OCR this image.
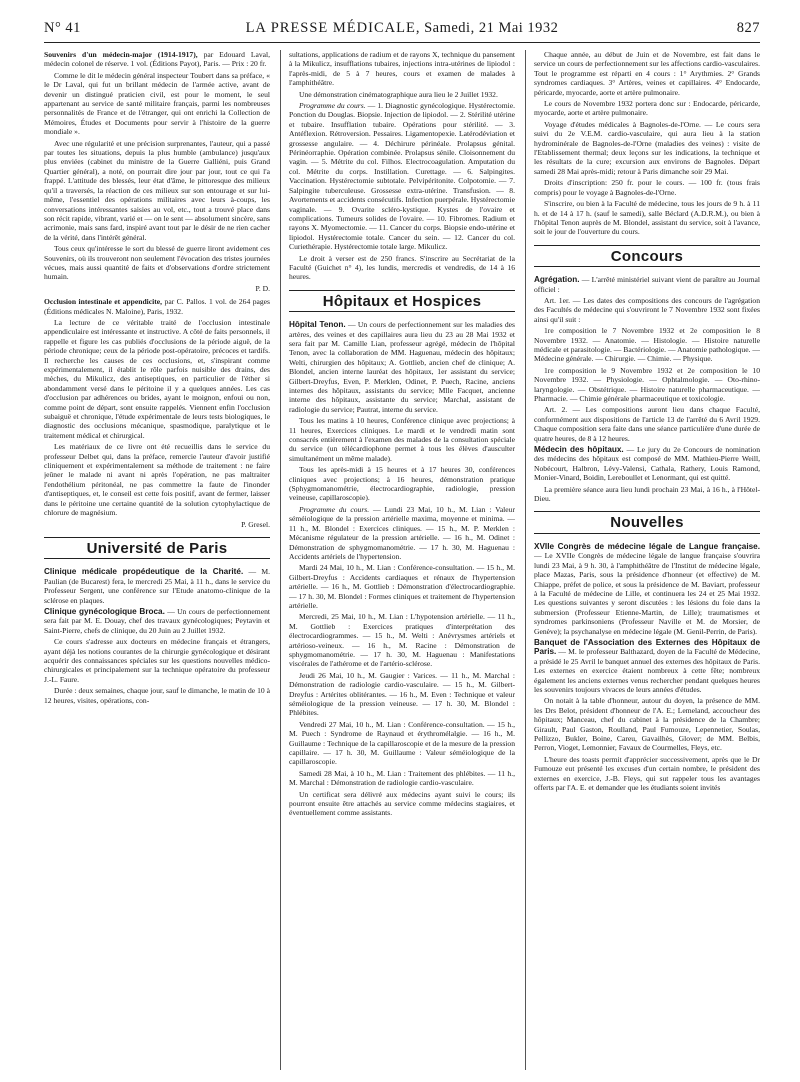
N° 41	LA PRESSE MÉDICALE, Samedi, 21 Mai 1932	827

Souvenirs d'un médecin-major (1914-1917), par Edouard Laval, médecin colonel de réserve. 1 vol. (Éditions Payot), Paris. — Prix : 20 fr.

Comme le dit le médecin général inspecteur Toubert dans sa préface, « le Dr Laval, qui fut un brillant médecin de l'armée active, avant de devenir un distingué praticien civil, est pour le moment, le seul appartenant au service de santé militaire français, parmi les nombreuses personnalités de France et de l'étranger, qui ont enrichi la Collection de Mémoires, Études et Documents pour servir à l'histoire de la guerre mondiale ».

Avec une régularité et une précision surprenantes, l'auteur, qui a passé par toutes les situations, depuis la plus humble (ambulance) jusqu'aux plus enviées (cabinet du ministre de la Guerre Galliéni, puis Grand Quartier général), a noté, on pourrait dire jour par jour, tout ce qui l'a frappé. L'attitude des blessés, leur état d'âme, le pittoresque des milieux qu'il a traversés, la réaction de ces milieux sur son entourage et sur lui-même, l'essentiel des opérations militaires avec leurs à-coups, les conversations intéressantes saisies au vol, etc., tout a trouvé place dans son récit rapide, vibrant, varié et — on le sent — absolument sincère, sans acrimonie, mais sans fard, inspiré avant tout par le désir de ne rien cacher de la vérité, dans l'intérêt général.

Tous ceux qu'intéresse le sort du blessé de guerre liront avidement ces Souvenirs, où ils trouveront non seulement l'évocation des tristes journées vécues, mais aussi quantité de faits et d'observations d'ordre strictement humain.

P. D.

Occlusion intestinale et appendicite, par C. Pallos. 1 vol. de 264 pages (Éditions médicales N. Maloine), Paris, 1932.

La lecture de ce véritable traité de l'occlusion intestinale appendiculaire est intéressante et instructive. A côté de faits personnels, il rappelle et figure les cas publiés d'occlusions de la période aiguë, de la période chronique; ceux de la période post-opératoire, précoces et tardifs. Il recherche les causes de ces occlusions, et, s'inspirant comme expérimentalement, il établit le rôle parfois nuisible des drains, des mèches, du Mikulicz, des antiseptiques, en particulier de l'éther si abondamment versé dans le péritoine il y a quelques années. Les cas d'occlusion par adhérences ou brides, ayant le moignon, enfoui ou non, comme point de départ, sont ensuite rappelés. Viennent enfin l'occlusion subaiguë et chronique, l'étude expérimentale de leurs tests biologiques, le diagnostic des occlusions mécanique, spasmodique, paralytique et le traitement médical et chirurgical.

Les matériaux de ce livre ont été recueillis dans le service du professeur Delbet qui, dans la préface, remercie l'auteur d'avoir justifié cliniquement et expérimentalement sa méthode de traitement : ne faire jeûner le malade ni avant ni après l'opération, ne pas maltraiter l'endothélium péritonéal, ne pas commettre la faute de l'inonder d'antiseptiques, et, le conseil est cette fois positif, avant de fermer, laisser dans le péritoine une certaine quantité de la solution cytophylactique de chlorure de magnésium.

P. Gresel.

Université de Paris

Clinique médicale propédeutique de la Charité. — M. Paulian (de Bucarest) fera, le mercredi 25 Mai, à 11 h., dans le service du Professeur Sergent, une conférence sur l'Etude anatomo-clinique de la sclérose en plaques.

Clinique gynécologique Broca. — Un cours de perfectionnement sera fait par M. E. Douay, chef des travaux gynécologiques; Peytavin et Saint-Pierre, chefs de clinique, du 20 Juin au 2 Juillet 1932.

Ce cours s'adresse aux docteurs en médecine français et étrangers, ayant déjà les notions courantes de la chirurgie gynécologique et désirant acquérir des connaissances spéciales sur les questions nouvelles médico-chirurgicales et principalement sur la technique opératoire du professeur J.-L. Faure.

Durée : deux semaines, chaque jour, sauf le dimanche, le matin de 10 à 12 heures, visites, opérations, con-

sultations, applications de radium et de rayons X, technique du pansement à la Mikulicz, insufflations tubaires, injections intra-utérines de lipiodol : l'après-midi, de 5 à 7 heures, cours et examen de malades à l'amphithéâtre.

Une démonstration cinématographique aura lieu le 2 Juillet 1932.

Programme du cours. — 1. Diagnostic gynécologique. Hystérectomie. Ponction du Douglas. Biopsie. Injection de lipiodol. — 2. Stérilité utérine et tubaire. Insufflation tubaire. Opérations pour stérilité. — 3. Antéflexion. Rétroversion. Pessaires. Ligamentopexie. Latérodéviation et grossesse angulaire. — 4. Déchirure périnéale. Prolapsus génital. Périnéorraphie. Opération combinée. Prolapsus sénile. Cloisonnement du vagin. — 5. Métrite du col. Filhos. Electrocoagulation. Amputation du col. Métrite du corps. Instillation. Curettage. — 6. Salpingites. Vaccination. Hystérectomie subtotale. Pelvipéritonite. Colpotomie. — 7. Salpingite tuberculeuse. Grossesse extra-utérine. Transfusion. — 8. Avortements et accidents consécutifs. Infection puerpérale. Hystérectomie vaginale. — 9. Ovarite scléro-kystique. Kystes de l'ovaire et complications. Tumeurs solides de l'ovaire. — 10. Fibromes. Radium et rayons X. Myomectomie. — 11. Cancer du corps. Biopsie endo-utérine et lipiodol. Hystérectomie totale. Cancer du sein. — 12. Cancer du col. Curiethérapie. Hystérectomie totale large. Mikulicz.

Le droit à verser est de 250 francs. S'inscrire au Secrétariat de la Faculté (Guichet n° 4), les lundis, mercredis et vendredis, de 14 à 16 heures.

Hôpitaux et Hospices

Hôpital Tenon. — Un cours de perfectionnement sur les maladies des artères, des veines et des capillaires aura lieu du 23 au 28 Mai 1932 et sera fait par M. Camille Lian, professeur agrégé, médecin de l'hôpital Tenon, avec la collaboration de MM. Haguenau, médecin des hôpitaux; Welti, chirurgien des hôpitaux; A. Gottlieb, ancien chef de clinique; A. Blondel, ancien interne lauréat des hôpitaux, 1er assistant du service; Gilbert-Dreyfus, Even, P. Merklen, Odinet, P. Puech, Racine, anciens internes des hôpitaux, assistants du service; Mlle Facquet, ancienne interne des hôpitaux, assistante du service; Marchal, assistant de radiologie du service; Pautrat, interne du service.

Tous les matins à 10 heures, Conférence clinique avec projections; à 11 heures, Exercices cliniques. Le mardi et le vendredi matin sont consacrés entièrement à l'examen des malades de la consultation spéciale du service (un télécardiophone permet à tous les élèves d'ausculter simultanément un même malade).

Tous les après-midi à 15 heures et à 17 heures 30, conférences cliniques avec projections; à 16 heures, démonstration pratique (Sphygmomanométrie, électrocardiographie, radiologie, pression veineuse, capillaroscopie).

Programme du cours. — Lundi 23 Mai, 10 h., M. Lian : Valeur séméiologique de la pression artérielle maxima, moyenne et minima. — 11 h., M. Blondel : Exercices cliniques. — 15 h., M. P. Merklen : Mécanisme régulateur de la pression artérielle. — 16 h., M. Odinet : Démonstration de sphygmomanométrie. — 17 h. 30, M. Haguenau : Accidents artériels de l'hypertension.

Mardi 24 Mai, 10 h., M. Lian : Conférence-consultation. — 15 h., M. Gilbert-Dreyfus : Accidents cardiaques et rénaux de l'hypertension artérielle. — 16 h., M. Gottlieb : Démonstration d'électrocardiographie. — 17 h. 30, M. Blondel : Formes cliniques et traitement de l'hypertension artérielle.

Mercredi, 25 Mai, 10 h., M. Lian : L'hypotension artérielle. — 11 h., M. Gottlieb : Exercices pratiques d'interprétation des électrocardiogrammes. — 15 h., M. Welti : Anévrysmes artériels et artérioso-veineux. — 16 h., M. Racine : Démonstration de sphygmomanométrie. — 17 h. 30, M. Haguenau : Manifestations viscérales de l'athérome et de l'artério-sclérose.

Jeudi 26 Mai, 10 h., M. Gaugier : Varices. — 11 h., M. Marchal : Démonstration de radiologie cardio-vasculaire. — 15 h., M. Gilbert-Dreyfus : Artérites oblitérantes. — 16 h., M. Even : Technique et valeur séméiologique de la pression veineuse. — 17 h. 30, M. Blondel : Phlébites.

Vendredi 27 Mai, 10 h., M. Lian : Conférence-consultation. — 15 h., M. Puech : Syndrome de Raynaud et érythromélalgie. — 16 h., M. Guillaume : Technique de la capillaroscopie et de la mesure de la pression capillaire. — 17 h. 30, M. Guillaume : Valeur séméiologique de la capillaroscopie.

Samedi 28 Mai, à 10 h., M. Lian : Traitement des phlébites. — 11 h., M. Marchal : Démonstration de radiologie cardio-vasculaire.

Un certificat sera délivré aux médecins ayant suivi le cours; ils pourront ensuite être attachés au service comme médecins stagiaires, et éventuellement comme assistants.

Chaque année, au début de Juin et de Novembre, est fait dans le service un cours de perfectionnement sur les affections cardio-vasculaires. Tout le programme est réparti en 4 cours : 1° Arythmies. 2° Grands syndromes cardiaques. 3° Artères, veines et capillaires. 4° Endocarde, péricarde, myocarde, aorte et artère pulmonaire.

Le cours de Novembre 1932 portera donc sur : Endocarde, péricarde, myocarde, aorte et artère pulmonaire.

Voyage d'études médicales à Bagnoles-de-l'Orne. — Le cours sera suivi du 2e V.E.M. cardio-vasculaire, qui aura lieu à la station hydrominérale de Bagnoles-de-l'Orne (maladies des veines) : visite de l'Etablissement thermal; deux leçons sur les indications, la technique et les résultats de la cure; excursion aux environs de Bagnoles. Départ samedi 28 Mai après-midi; retour à Paris dimanche soir 29 Mai.

Droits d'inscription: 250 fr. pour le cours. — 100 fr. (tous frais compris) pour le voyage à Bagnoles-de-l'Orne.

S'inscrire, ou bien à la Faculté de médecine, tous les jours de 9 h. à 11 h. et de 14 à 17 h. (sauf le samedi), salle Béclard (A.D.R.M.), ou bien à l'hôpital Tenon auprès de M. Blondel, assistant du service, soit à l'avance, soit le jour de l'ouverture du cours.

Concours

Agrégation. — L'arrêté ministériel suivant vient de paraître au Journal officiel :

Art. 1er. — Les dates des compositions des concours de l'agrégation des Facultés de médecine qui s'ouvriront le 7 Novembre 1932 sont fixées ainsi qu'il suit :

1re composition le 7 Novembre 1932 et 2e composition le 8 Novembre 1932. — Anatomie. — Histologie. — Histoire naturelle médicale et parasitologie. — Bactériologie. — Anatomie pathologique. — Médecine générale. — Chirurgie. — Chimie. — Physique.

1re composition le 9 Novembre 1932 et 2e composition le 10 Novembre 1932. — Physiologie. — Ophtalmologie. — Oto-rhino-laryngologie. — Obstétrique. — Histoire naturelle pharmaceutique. — Pharmacie. — Chimie générale pharmaceutique et toxicologie.

Art. 2. — Les compositions auront lieu dans chaque Faculté, conformément aux dispositions de l'article 13 de l'arrêté du 6 Avril 1929. Chaque composition sera faite dans une séance particulière d'une durée de quatre heures, de 8 à 12 heures.

Médecin des hôpitaux. — Le jury du 2e Concours de nomination des médecins des hôpitaux est composé de MM. Mathieu-Pierre Weill, Nobécourt, Halbron, Lévy-Valensi, Cathala, Rathery, Louis Ramond, Monier-Vinard, Boidin, Lereboullet et Lenormant, qui est quitté.

La première séance aura lieu lundi prochain 23 Mai, à 16 h., à l'Hôtel-Dieu.

Nouvelles

XVIIe Congrès de médecine légale de Langue française. — Le XVIIe Congrès de médecine légale de langue française s'ouvrira lundi 23 Mai, à 9 h. 30, à l'amphithéâtre de l'Institut de médecine légale, place Mazas, Paris, sous la présidence d'honneur (et effective) de M. Chiappe, préfet de police, et sous la présidence de M. Baviart, professeur à la Faculté de médecine de Lille, et continuera les 24 et 25 Mai 1932. Les questions suivantes y seront discutées : les lésions du foie dans la submersion (Professeur Etienne-Martin, de Lille); traumatismes et syndromes parkinsoniens (Professeur Naville et M. de Morsier, de Genève); la psychanalyse en médecine légale (M. Genil-Perrin, de Paris).

Banquet de l'Association des Externes des Hôpitaux de Paris. — M. le professeur Balthazard, doyen de la Faculté de Médecine, a présidé le 25 Avril le banquet annuel des externes des hôpitaux de Paris. Les externes en exercice étaient nombreux à cette fête; nombreux également les anciens externes venus rechercher pendant quelques heures les souvenirs toujours vivaces de leurs années d'études.

On notait à la table d'honneur, autour du doyen, la présence de MM. les Drs Belot, président d'honneur de l'A. E.; Lemeland, accoucheur des hôpitaux; Manceau, chef du cabinet à la présidence de la Chambre; Girault, Paul Gaston, Roulland, Paul Fumouze, Lepennetier, Soulas, Pellizzo, Bukler, Boine, Careu, Gavailhès, Glover; de MM. Belbis, Perron, Vioget, Lemonnier, Favaux de Courmelles, Fleys, etc.

L'heure des toasts permit d'apprécier successivement, après que le Dr Fumouze eut présenté les excuses d'un certain nombre, le président des externes en exercice, J.-B. Fleys, qui sut rappeler tous les avantages offerts par l'A. E. et demander que les étudiants soient invités
